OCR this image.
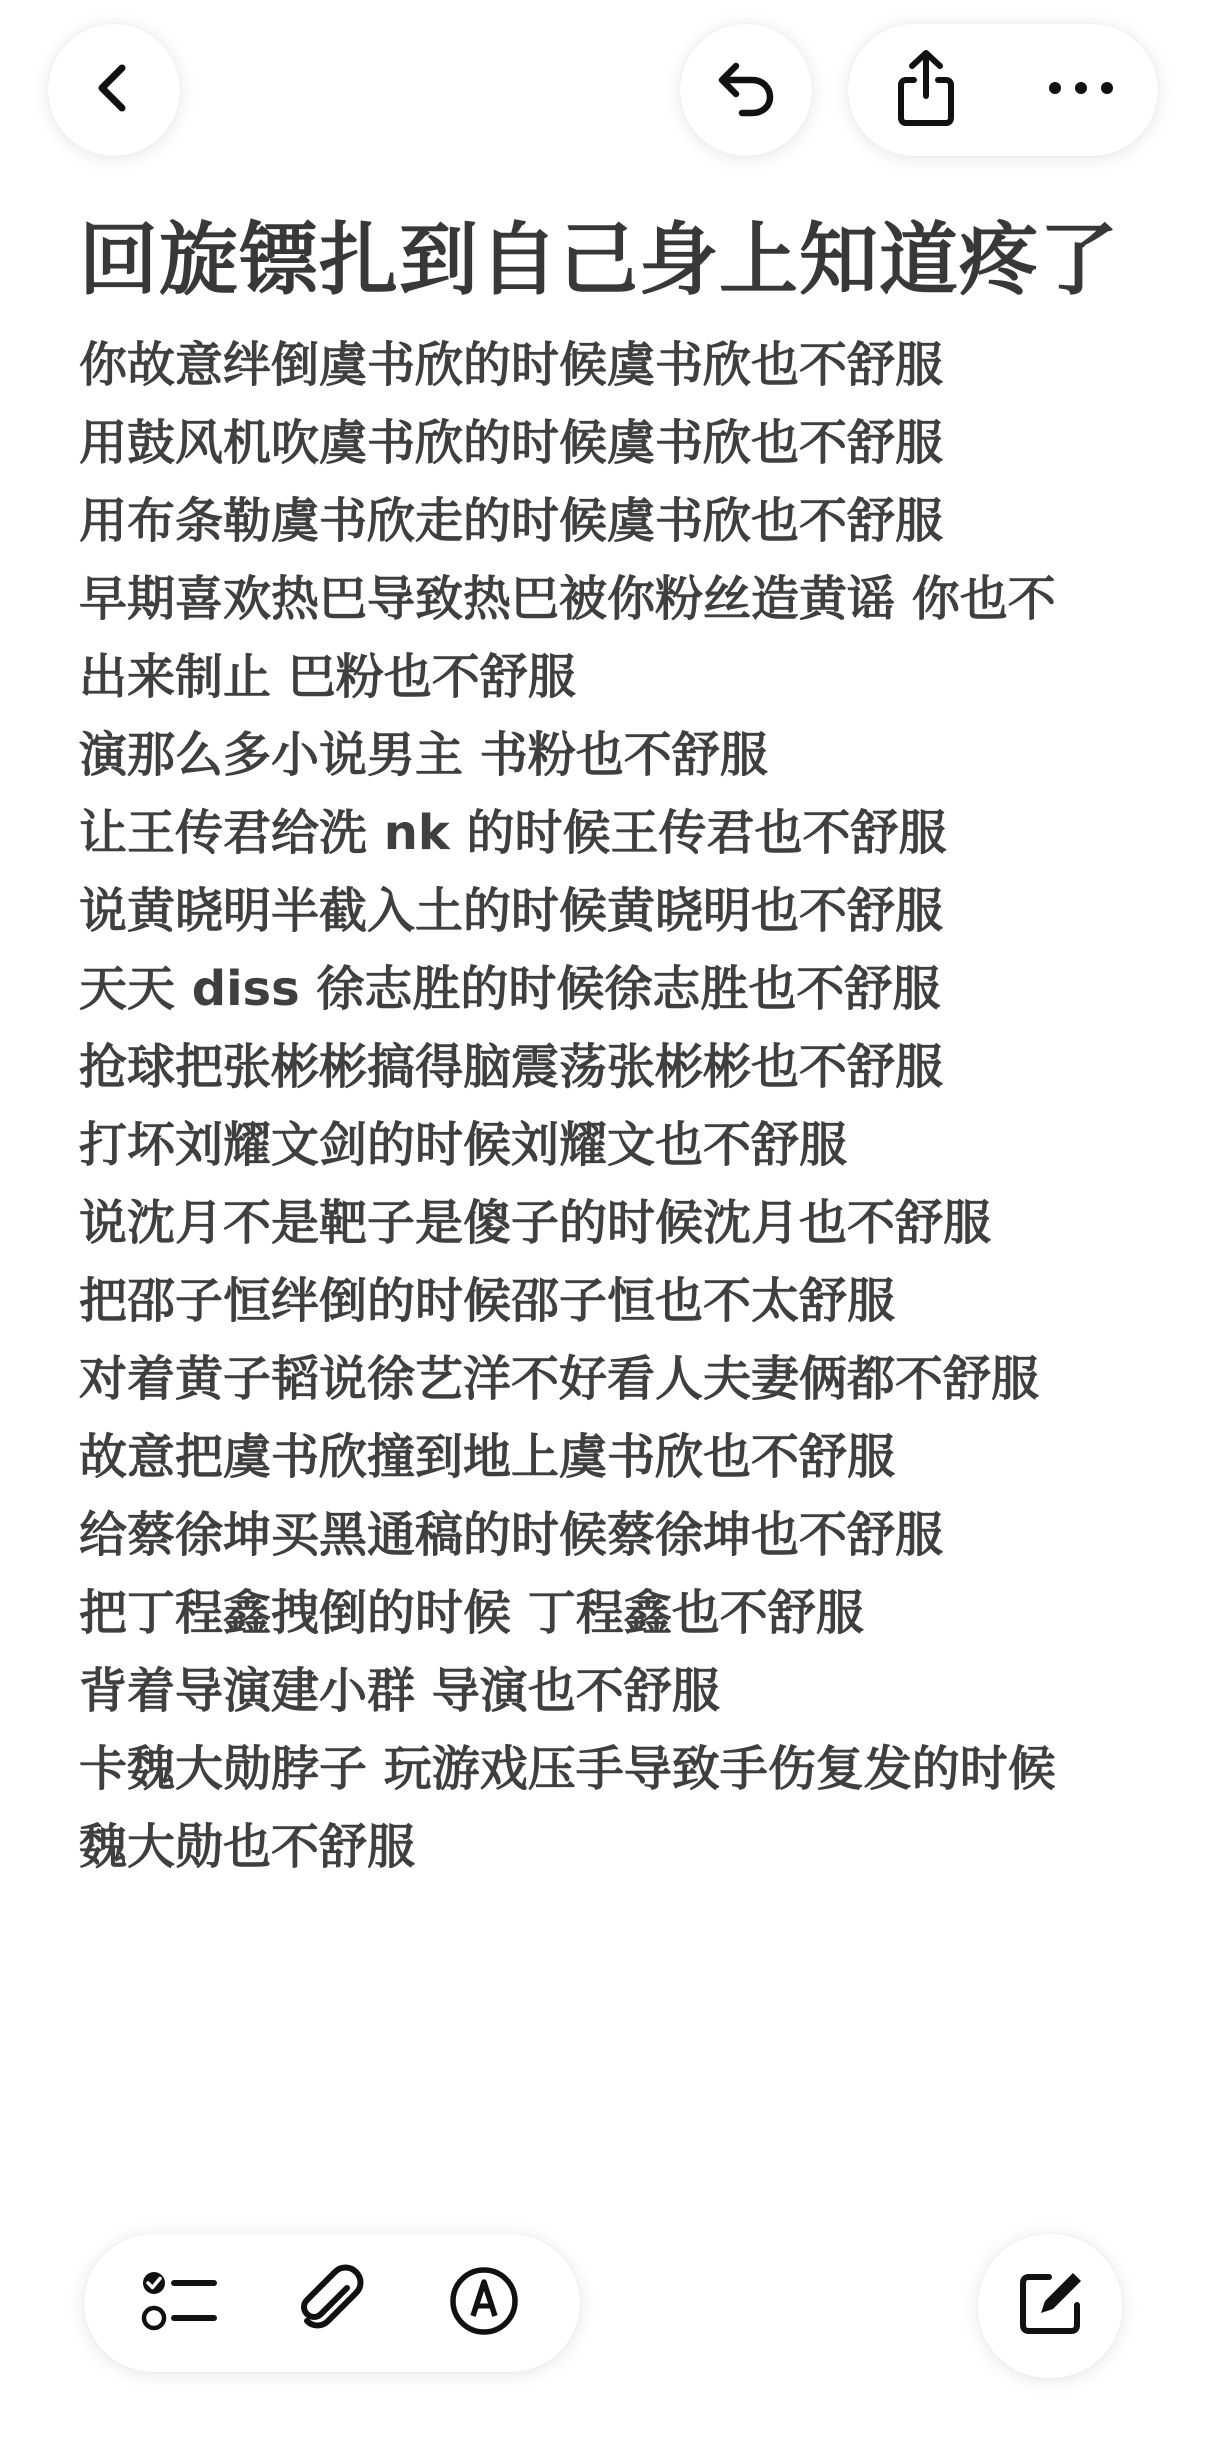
回旋镖扎到自己身上知道疼了

你故意绊倒虞书欣的时候虞书欣也不舒服

用鼓风机吹虞书欣的时候虞书欣也不舒服

用布条勒虞书欣走的时候虞书欣也不舒服

早期喜欢热巴导致热巴被你粉丝造黄谣 你也不

出来制止 巴粉也不舒服

演那么多小说男主 书粉也不舒服

让王传君给洗 nk 的时候王传君也不舒服

说黄晓明半截入土的时候黄晓明也不舒服

天天 diss 徐志胜的时候徐志胜也不舒服

抢球把张彬彬搞得脑震荡张彬彬也不舒服

打坏刘耀文剑的时候刘耀文也不舒服

说沈月不是靶子是傻子的时候沈月也不舒服

把邵子恒绊倒的时候邵子恒也不太舒服

对着黄子韬说徐艺洋不好看人夫妻俩都不舒服

故意把虞书欣撞到地上虞书欣也不舒服

给蔡徐坤买黑通稿的时候蔡徐坤也不舒服

把丁程鑫拽倒的时候 丁程鑫也不舒服

背着导演建小群 导演也不舒服

卡魏大勋脖子 玩游戏压手导致手伤复发的时候

魏大勋也不舒服
